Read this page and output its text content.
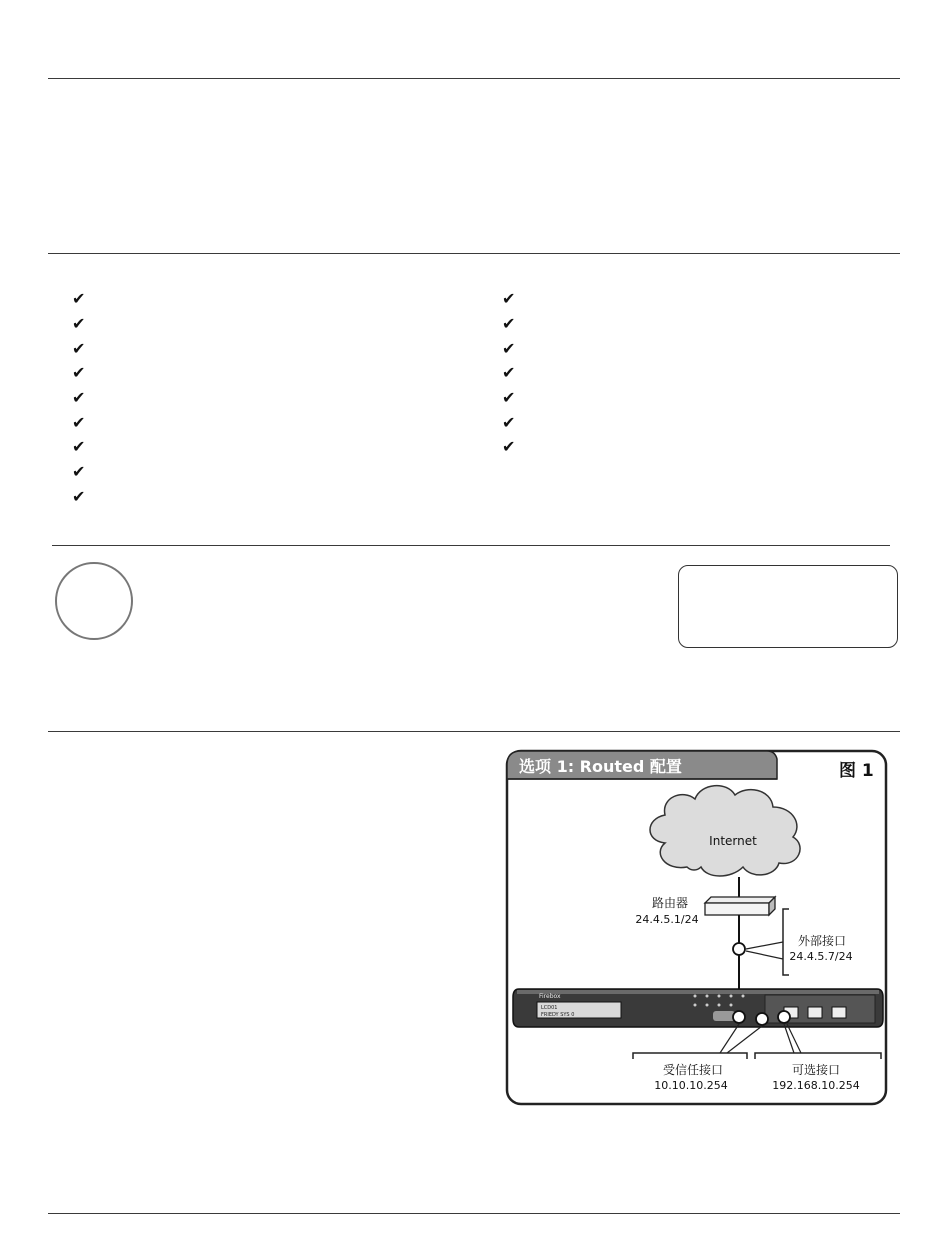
✔
✔
✔
✔
✔
✔
✔
✔
✔
✔
✔
✔
✔
✔
✔
✔
选项 1: Routed 配置	图 1
Internet
路由器
24.4.5.1/24
外部接口
24.4.5.7/24
Firebox
LCD01
FRIEDY SYS 0
受信任接口
10.10.10.254
可选接口
192.168.10.254
